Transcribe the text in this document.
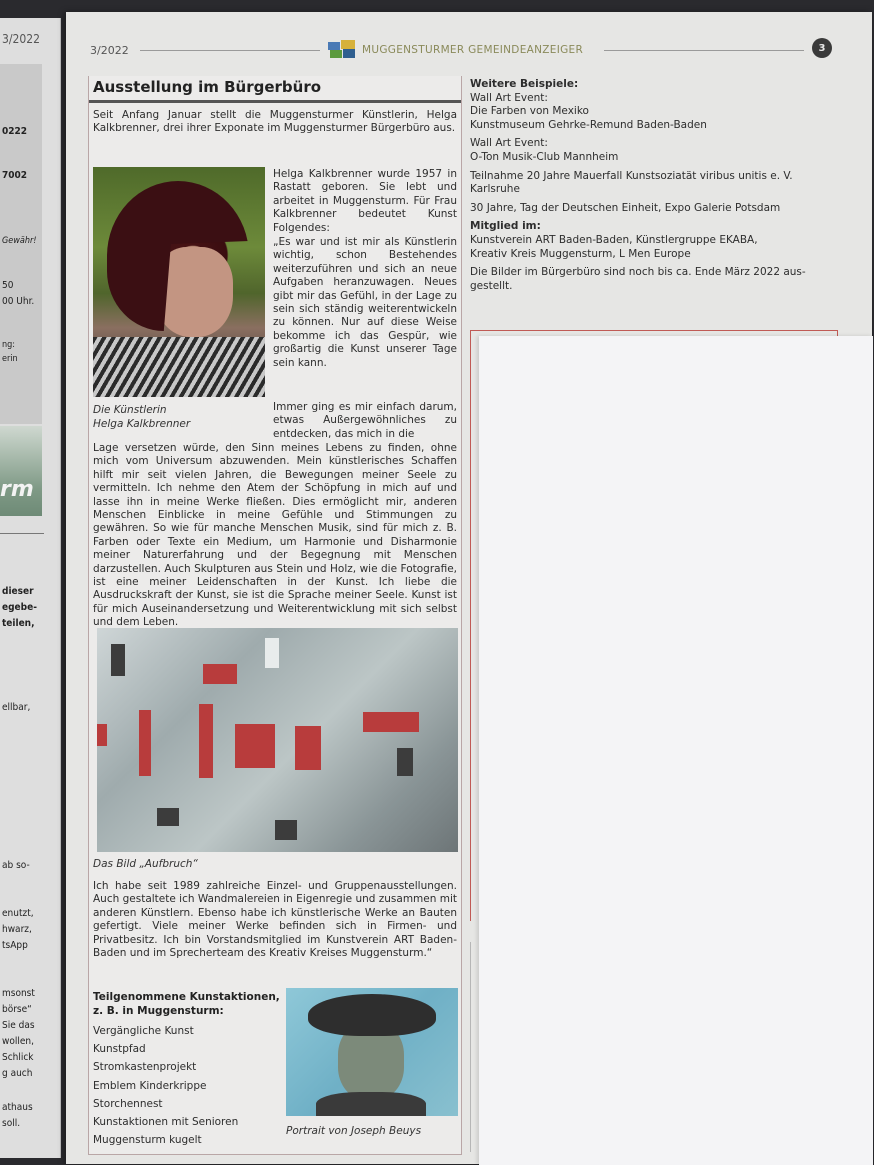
3/2022
0222
7002
Gewähr!
50
00 Uhr.
ng:
erin
rm
dieser
egebe-
teilen,
ellbar,
ab so-
enutzt,
hwarz,
tsApp
msonst
börse“
Sie das
wollen,
Schlick
g auch
athaus
soll.
3/2022	MUGGENSTURMER GEMEINDEANZEIGER	3
Ausstellung im Bürgerbüro
Seit Anfang Januar stellt die Muggensturmer Künstlerin, Helga Kalkbrenner, drei ihrer Exponate im Muggensturmer Bürgerbüro aus.
Helga Kalkbrenner wurde 1957 in Rastatt geboren. Sie lebt und arbeitet in Muggensturm. Für Frau Kalkbrenner bedeutet Kunst Folgendes:
„Es war und ist mir als Künstlerin wichtig, schon Bestehendes weiterzuführen und sich an neue Aufgaben heranzuwagen. Neues gibt mir das Gefühl, in der Lage zu sein sich ständig weiterentwickeln zu können. Nur auf diese Weise bekomme ich das Gespür, wie großartig die Kunst unserer Tage sein kann.
Die Künstlerin
Helga Kalkbrenner
Immer ging es mir einfach darum, etwas Außergewöhnliches zu entdecken, das mich in die
Lage versetzen würde, den Sinn meines Lebens zu finden, ohne mich vom Universum abzuwenden. Mein künstlerisches Schaffen hilft mir seit vielen Jahren, die Bewegungen meiner Seele zu vermitteln. Ich nehme den Atem der Schöpfung in mich auf und lasse ihn in meine Werke fließen. Dies ermöglicht mir, anderen Menschen Einblicke in meine Gefühle und Stimmungen zu gewähren. So wie für manche Menschen Musik, sind für mich z. B. Farben oder Texte ein Medium, um Harmonie und Disharmonie meiner Naturerfahrung und der Begegnung mit Menschen darzustellen. Auch Skulpturen aus Stein und Holz, wie die Fotografie, ist eine meiner Leidenschaften in der Kunst. Ich liebe die Ausdruckskraft der Kunst, sie ist die Sprache meiner Seele. Kunst ist für mich Auseinandersetzung und Weiterentwicklung mit sich selbst und dem Leben.
Das Bild „Aufbruch“
Ich habe seit 1989 zahlreiche Einzel- und Gruppenausstellungen. Auch gestaltete ich Wandmalereien in Eigenregie und zusammen mit anderen Künstlern. Ebenso habe ich künstlerische Werke an Bauten gefertigt. Viele meiner Werke befinden sich in Firmen- und Privatbesitz. Ich bin Vorstandsmitglied im Kunstverein ART Baden-Baden und im Sprecherteam des Kreativ Kreises Muggensturm.“
Teilgenommene Kunstaktionen,
z. B. in Muggensturm:
Vergängliche Kunst
Kunstpfad
Stromkastenprojekt
Emblem Kinderkrippe
Storchennest
Kunstaktionen mit Senioren
Muggensturm kugelt
Portrait von Joseph Beuys
Weitere Beispiele:
Wall Art Event:
Die Farben von Mexiko
Kunstmuseum Gehrke-Remund Baden-Baden
Wall Art Event:
O-Ton Musik-Club Mannheim
Teilnahme 20 Jahre Mauerfall Kunstsoziatät viribus unitis e. V.
Karlsruhe
30 Jahre, Tag der Deutschen Einheit, Expo Galerie Potsdam
Mitglied im:
Kunstverein ART Baden-Baden, Künstlergruppe EKABA,
Kreativ Kreis Muggensturm, L Men Europe
Die Bilder im Bürgerbüro sind noch bis ca. Ende März 2022 aus-
gestellt.
